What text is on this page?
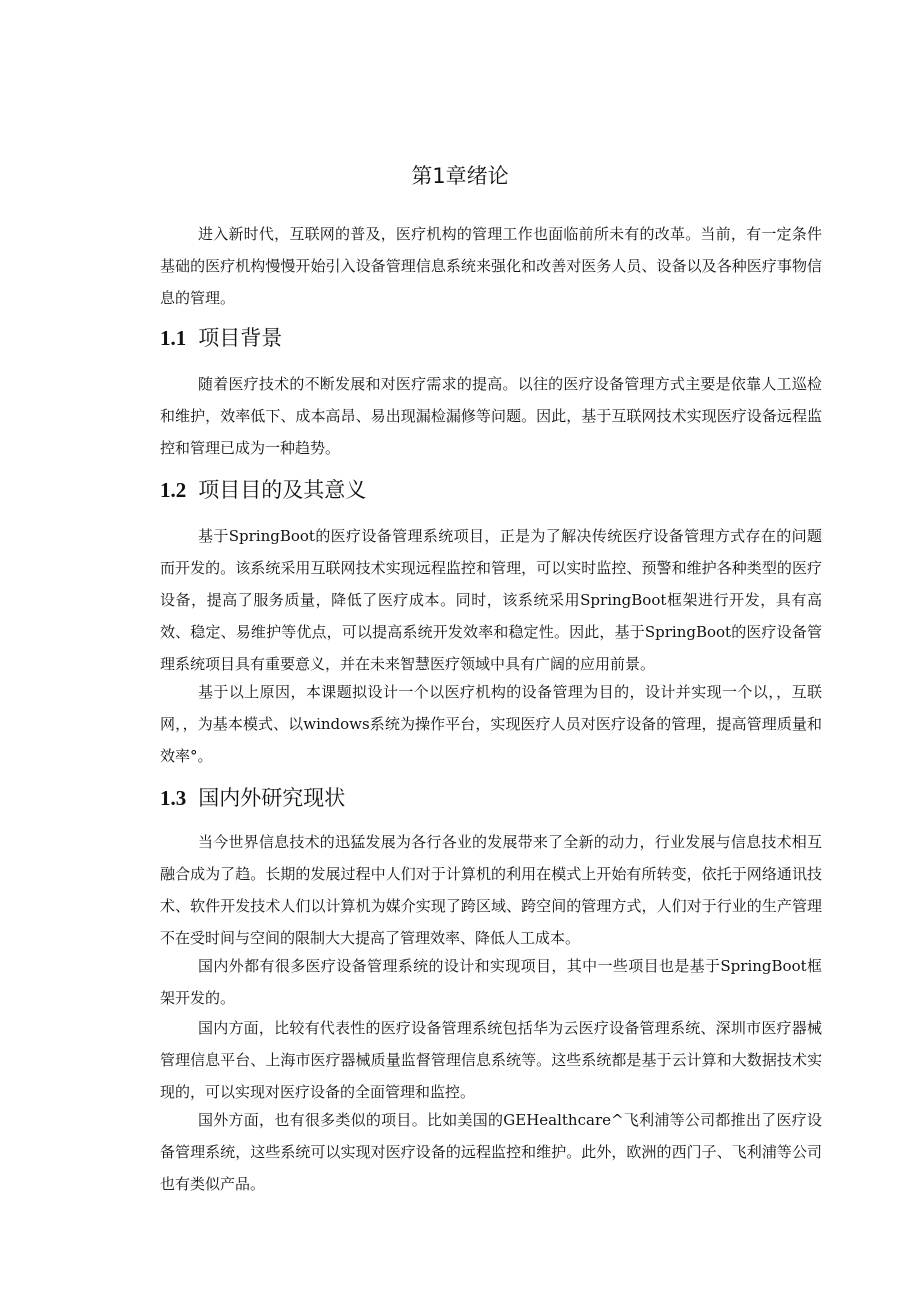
第1章绪论

进入新时代，互联网的普及，医疗机构的管理工作也面临前所未有的改革。当前，有一定条件基础的医疗机构慢慢开始引入设备管理信息系统来强化和改善对医务人员、设备以及各种医疗事物信息的管理。

1.1 项目背景

随着医疗技术的不断发展和对医疗需求的提高。以往的医疗设备管理方式主要是依靠人工巡检和维护，效率低下、成本高昂、易出现漏检漏修等问题。因此，基于互联网技术实现医疗设备远程监控和管理已成为一种趋势。

1.2 项目目的及其意义

基于SpringBoot的医疗设备管理系统项目，正是为了解决传统医疗设备管理方式存在的问题而开发的。该系统采用互联网技术实现远程监控和管理，可以实时监控、预警和维护各种类型的医疗设备，提高了服务质量，降低了医疗成本。同时，该系统采用SpringBoot框架进行开发，具有高效、稳定、易维护等优点，可以提高系统开发效率和稳定性。因此，基于SpringBoot的医疗设备管理系统项目具有重要意义，并在未来智慧医疗领域中具有广阔的应用前景。

基于以上原因，本课题拟设计一个以医疗机构的设备管理为目的，设计并实现一个以，，互联网，，为基本模式、以windows系统为操作平台，实现医疗人员对医疗设备的管理，提高管理质量和效率°。

1.3 国内外研究现状

当今世界信息技术的迅猛发展为各行各业的发展带来了全新的动力，行业发展与信息技术相互融合成为了趋。长期的发展过程中人们对于计算机的利用在模式上开始有所转变，依托于网络通讯技术、软件开发技术人们以计算机为媒介实现了跨区域、跨空间的管理方式，人们对于行业的生产管理不在受时间与空间的限制大大提高了管理效率、降低人工成本。

国内外都有很多医疗设备管理系统的设计和实现项目，其中一些项目也是基于SpringBoot框架开发的。

国内方面，比较有代表性的医疗设备管理系统包括华为云医疗设备管理系统、深圳市医疗器械管理信息平台、上海市医疗器械质量监督管理信息系统等。这些系统都是基于云计算和大数据技术实现的，可以实现对医疗设备的全面管理和监控。

国外方面，也有很多类似的项目。比如美国的GEHealthcare^飞利浦等公司都推出了医疗设备管理系统，这些系统可以实现对医疗设备的远程监控和维护。此外，欧洲的西门子、飞利浦等公司也有类似产品。
